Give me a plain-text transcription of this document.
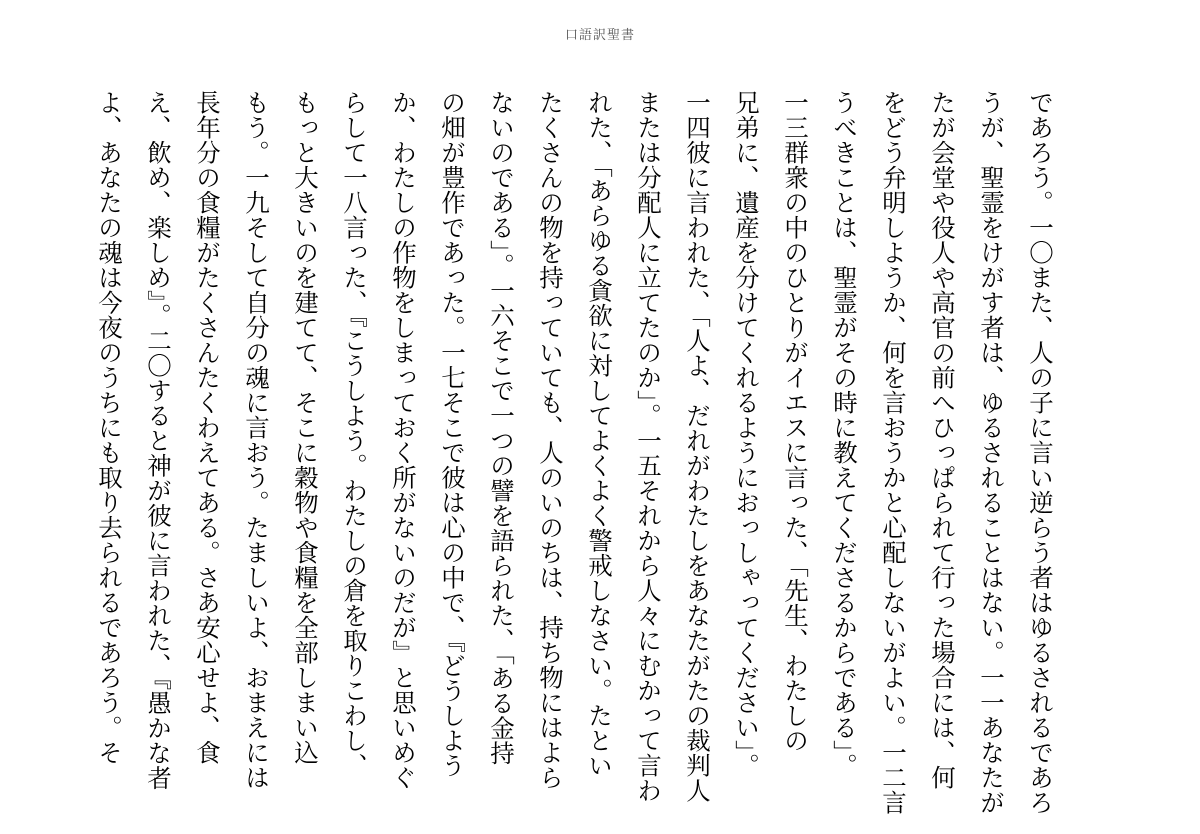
口語訳聖書
であろう。一〇また、人の子に言い逆らう者はゆるされるであろ
うが、聖霊をけがす者は、ゆるされることはない。一一あなたが
たが会堂や役人や高官の前へひっぱられて行った場合には、何
をどう弁明しようか、何を言おうかと心配しないがよい。一二言
うべきことは、聖霊がその時に教えてくださるからである」。
一三群衆の中のひとりがイエスに言った、「先生、わたしの
兄弟に、遺産を分けてくれるようにおっしゃってください」。
一四彼に言われた、「人よ、だれがわたしをあなたがたの裁判人
または分配人に立てたのか」。一五それから人々にむかって言わ
れた、「あらゆる貪欲に対してよくよく警戒しなさい。たとい
たくさんの物を持っていても、人のいのちは、持ち物にはよら
ないのである」。一六そこで一つの譬を語られた、「ある金持
の畑が豊作であった。一七そこで彼は心の中で、『どうしよう
か、わたしの作物をしまっておく所がないのだが』と思いめぐ
らして一八言った、『こうしよう。わたしの倉を取りこわし、
もっと大きいのを建てて、そこに穀物や食糧を全部しまい込
もう。一九そして自分の魂に言おう。たましいよ、おまえには
長年分の食糧がたくさんたくわえてある。さあ安心せよ、食
え、飲め、楽しめ』。二〇すると神が彼に言われた、『愚かな者
よ、あなたの魂は今夜のうちにも取り去られるであろう。そ
